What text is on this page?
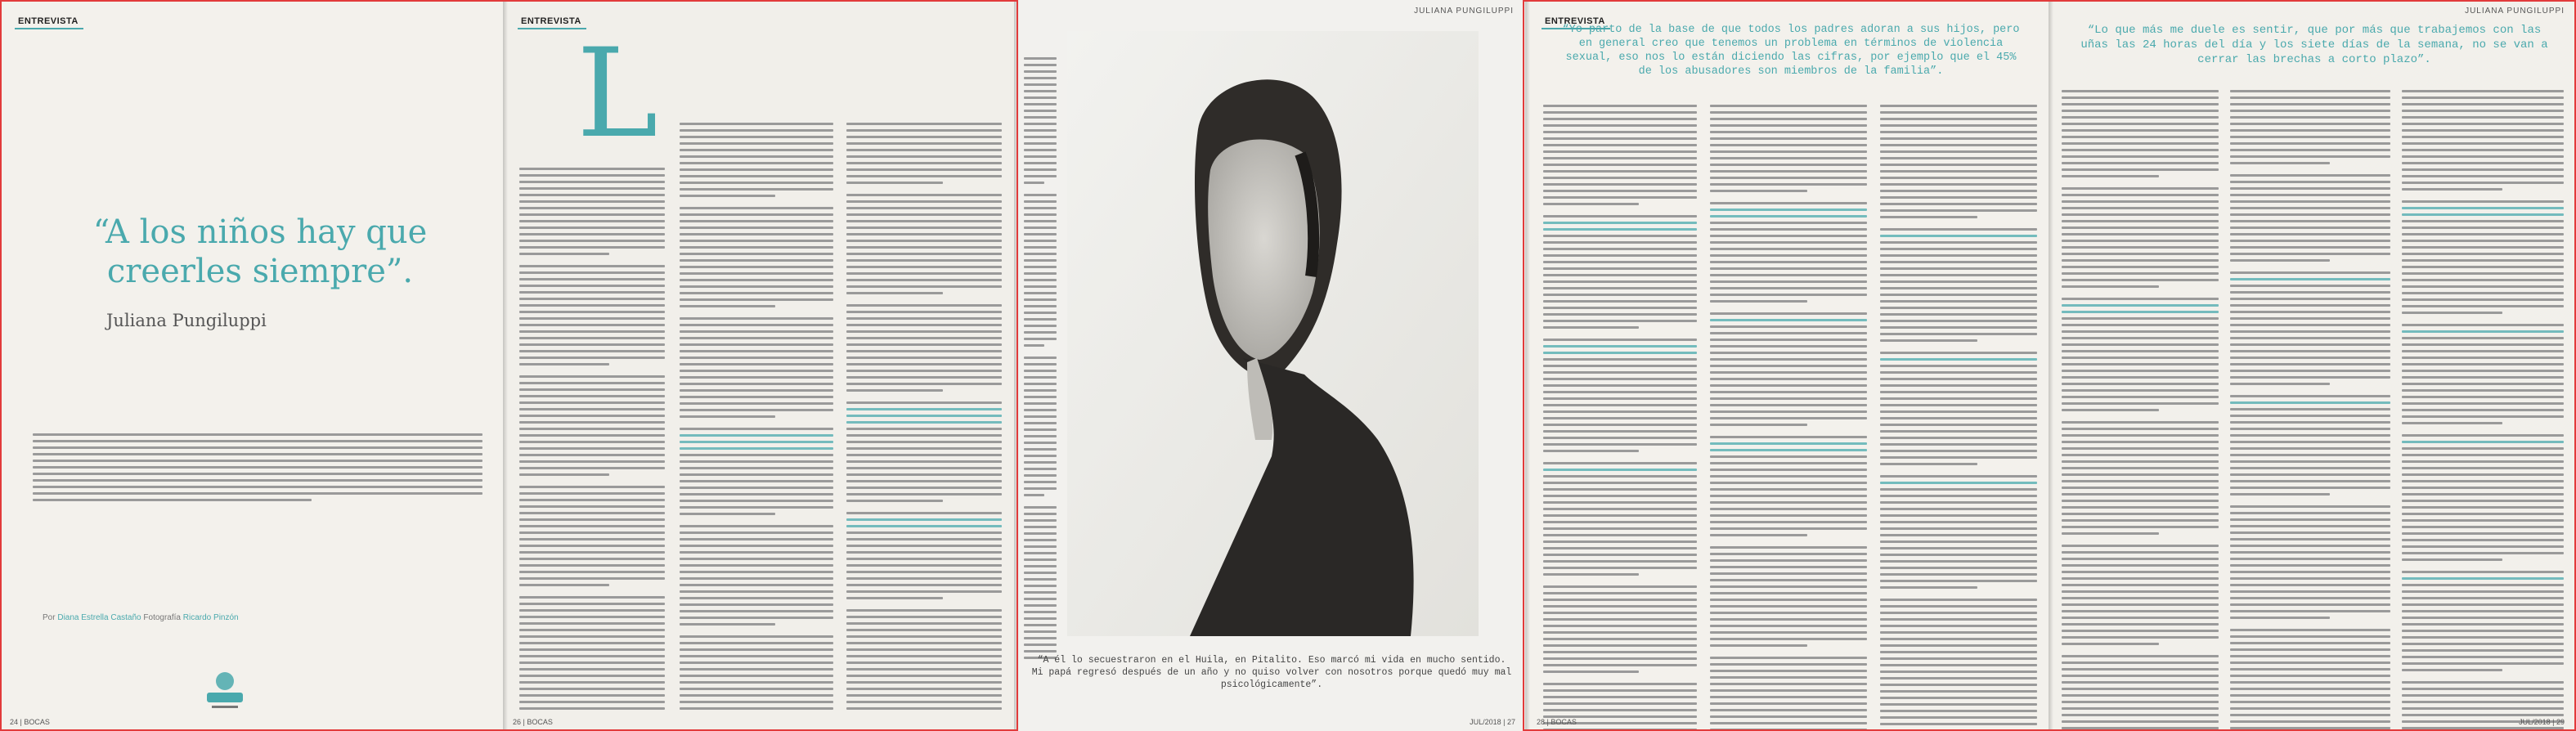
ENTREVISTA
“A los niños hay que creerles siempre”.
Juliana Pungiluppi
Por Diana Estrella Castaño Fotografía Ricardo Pinzón
24 | BOCAS
ENTREVISTA
L
26 | BOCAS
JULIANA PUNGILUPPI
“A él lo secuestraron en el Huila, en Pitalito. Eso marcó mi vida en mucho sentido. Mi papá regresó después de un año y no quiso volver con nosotros porque quedó muy mal psicológicamente”.
JUL/2018 | 27
ENTREVISTA
“Yo parto de la base de que todos los padres adoran a sus hijos, pero en general creo que tenemos un problema en términos de violencia sexual, eso nos lo están diciendo las cifras, por ejemplo que el 45% de los abusadores son miembros de la familia”.
28 | BOCAS
JULIANA PUNGILUPPI
“Lo que más me duele es sentir, que por más que trabajemos con las uñas las 24 horas del día y los siete días de la semana, no se van a cerrar las brechas a corto plazo”.
JUL/2018 | 29
